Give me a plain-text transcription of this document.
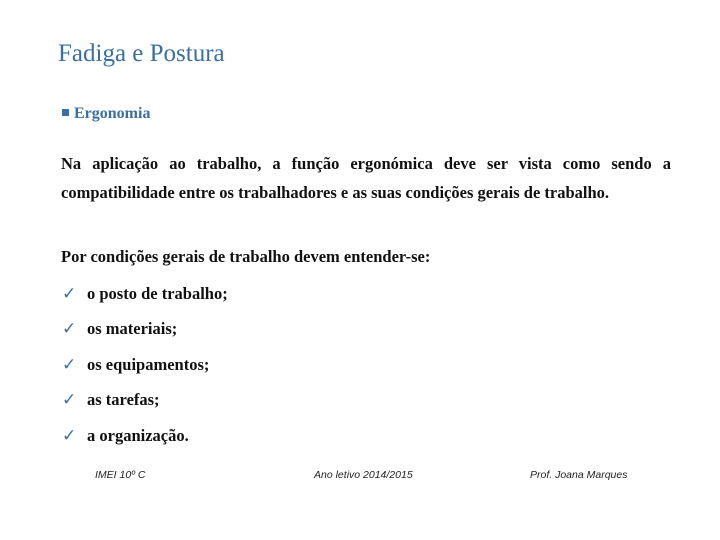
Fadiga e Postura
Ergonomia
Na aplicação ao trabalho, a função ergonómica deve ser vista como sendo a compatibilidade entre os trabalhadores e as suas condições gerais de trabalho.
Por condições gerais de trabalho devem entender-se:
✓ o posto de trabalho;
✓ os materiais;
✓ os equipamentos;
✓ as tarefas;
✓ a organização.
IMEI 10º C	Ano letivo 2014/2015	Prof. Joana Marques
